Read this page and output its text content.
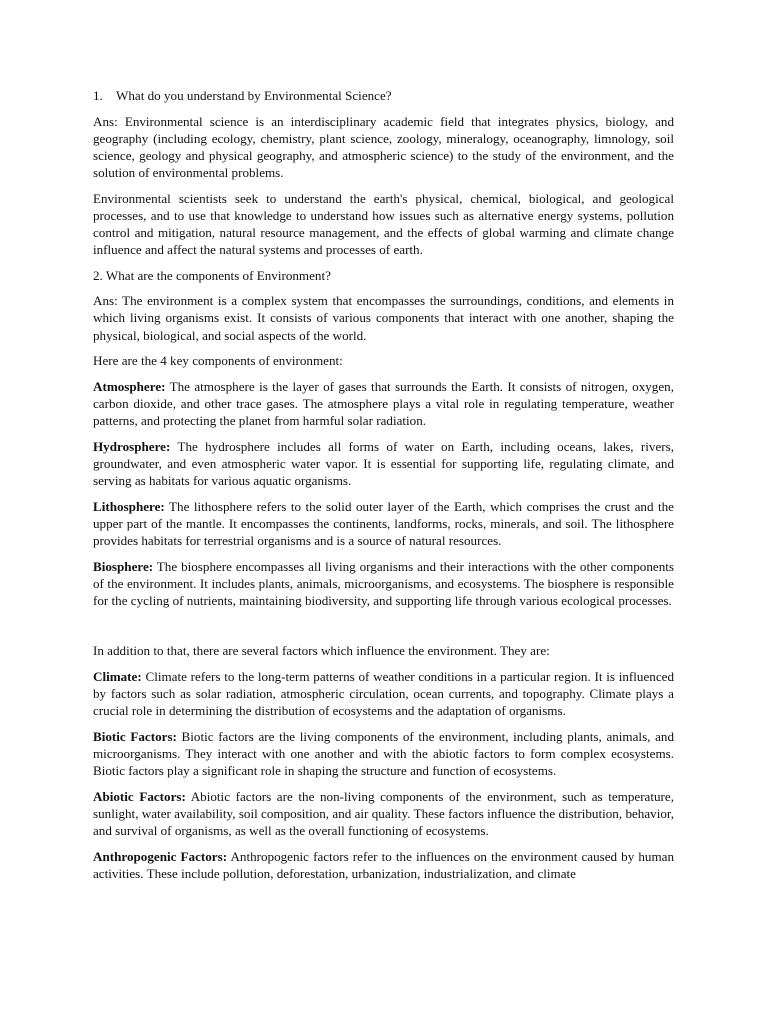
1.	What do you understand by Environmental Science?

Ans: Environmental science is an interdisciplinary academic field that integrates physics, biology, and geography (including ecology, chemistry, plant science, zoology, mineralogy, oceanography, limnology, soil science, geology and physical geography, and atmospheric science) to the study of the environment, and the solution of environmental problems.

Environmental scientists seek to understand the earth's physical, chemical, biological, and geological processes, and to use that knowledge to understand how issues such as alternative energy systems, pollution control and mitigation, natural resource management, and the effects of global warming and climate change influence and affect the natural systems and processes of earth.

2. What are the components of Environment?

Ans: The environment is a complex system that encompasses the surroundings, conditions, and elements in which living organisms exist. It consists of various components that interact with one another, shaping the physical, biological, and social aspects of the world.

Here are the 4 key components of environment:

Atmosphere: The atmosphere is the layer of gases that surrounds the Earth. It consists of nitrogen, oxygen, carbon dioxide, and other trace gases. The atmosphere plays a vital role in regulating temperature, weather patterns, and protecting the planet from harmful solar radiation.

Hydrosphere: The hydrosphere includes all forms of water on Earth, including oceans, lakes, rivers, groundwater, and even atmospheric water vapor. It is essential for supporting life, regulating climate, and serving as habitats for various aquatic organisms.

Lithosphere: The lithosphere refers to the solid outer layer of the Earth, which comprises the crust and the upper part of the mantle. It encompasses the continents, landforms, rocks, minerals, and soil. The lithosphere provides habitats for terrestrial organisms and is a source of natural resources.

Biosphere: The biosphere encompasses all living organisms and their interactions with the other components of the environment. It includes plants, animals, microorganisms, and ecosystems. The biosphere is responsible for the cycling of nutrients, maintaining biodiversity, and supporting life through various ecological processes.

In addition to that, there are several factors which influence the environment. They are:

Climate: Climate refers to the long-term patterns of weather conditions in a particular region. It is influenced by factors such as solar radiation, atmospheric circulation, ocean currents, and topography. Climate plays a crucial role in determining the distribution of ecosystems and the adaptation of organisms.

Biotic Factors: Biotic factors are the living components of the environment, including plants, animals, and microorganisms. They interact with one another and with the abiotic factors to form complex ecosystems. Biotic factors play a significant role in shaping the structure and function of ecosystems.

Abiotic Factors: Abiotic factors are the non-living components of the environment, such as temperature, sunlight, water availability, soil composition, and air quality. These factors influence the distribution, behavior, and survival of organisms, as well as the overall functioning of ecosystems.

Anthropogenic Factors: Anthropogenic factors refer to the influences on the environment caused by human activities. These include pollution, deforestation, urbanization, industrialization, and climate
